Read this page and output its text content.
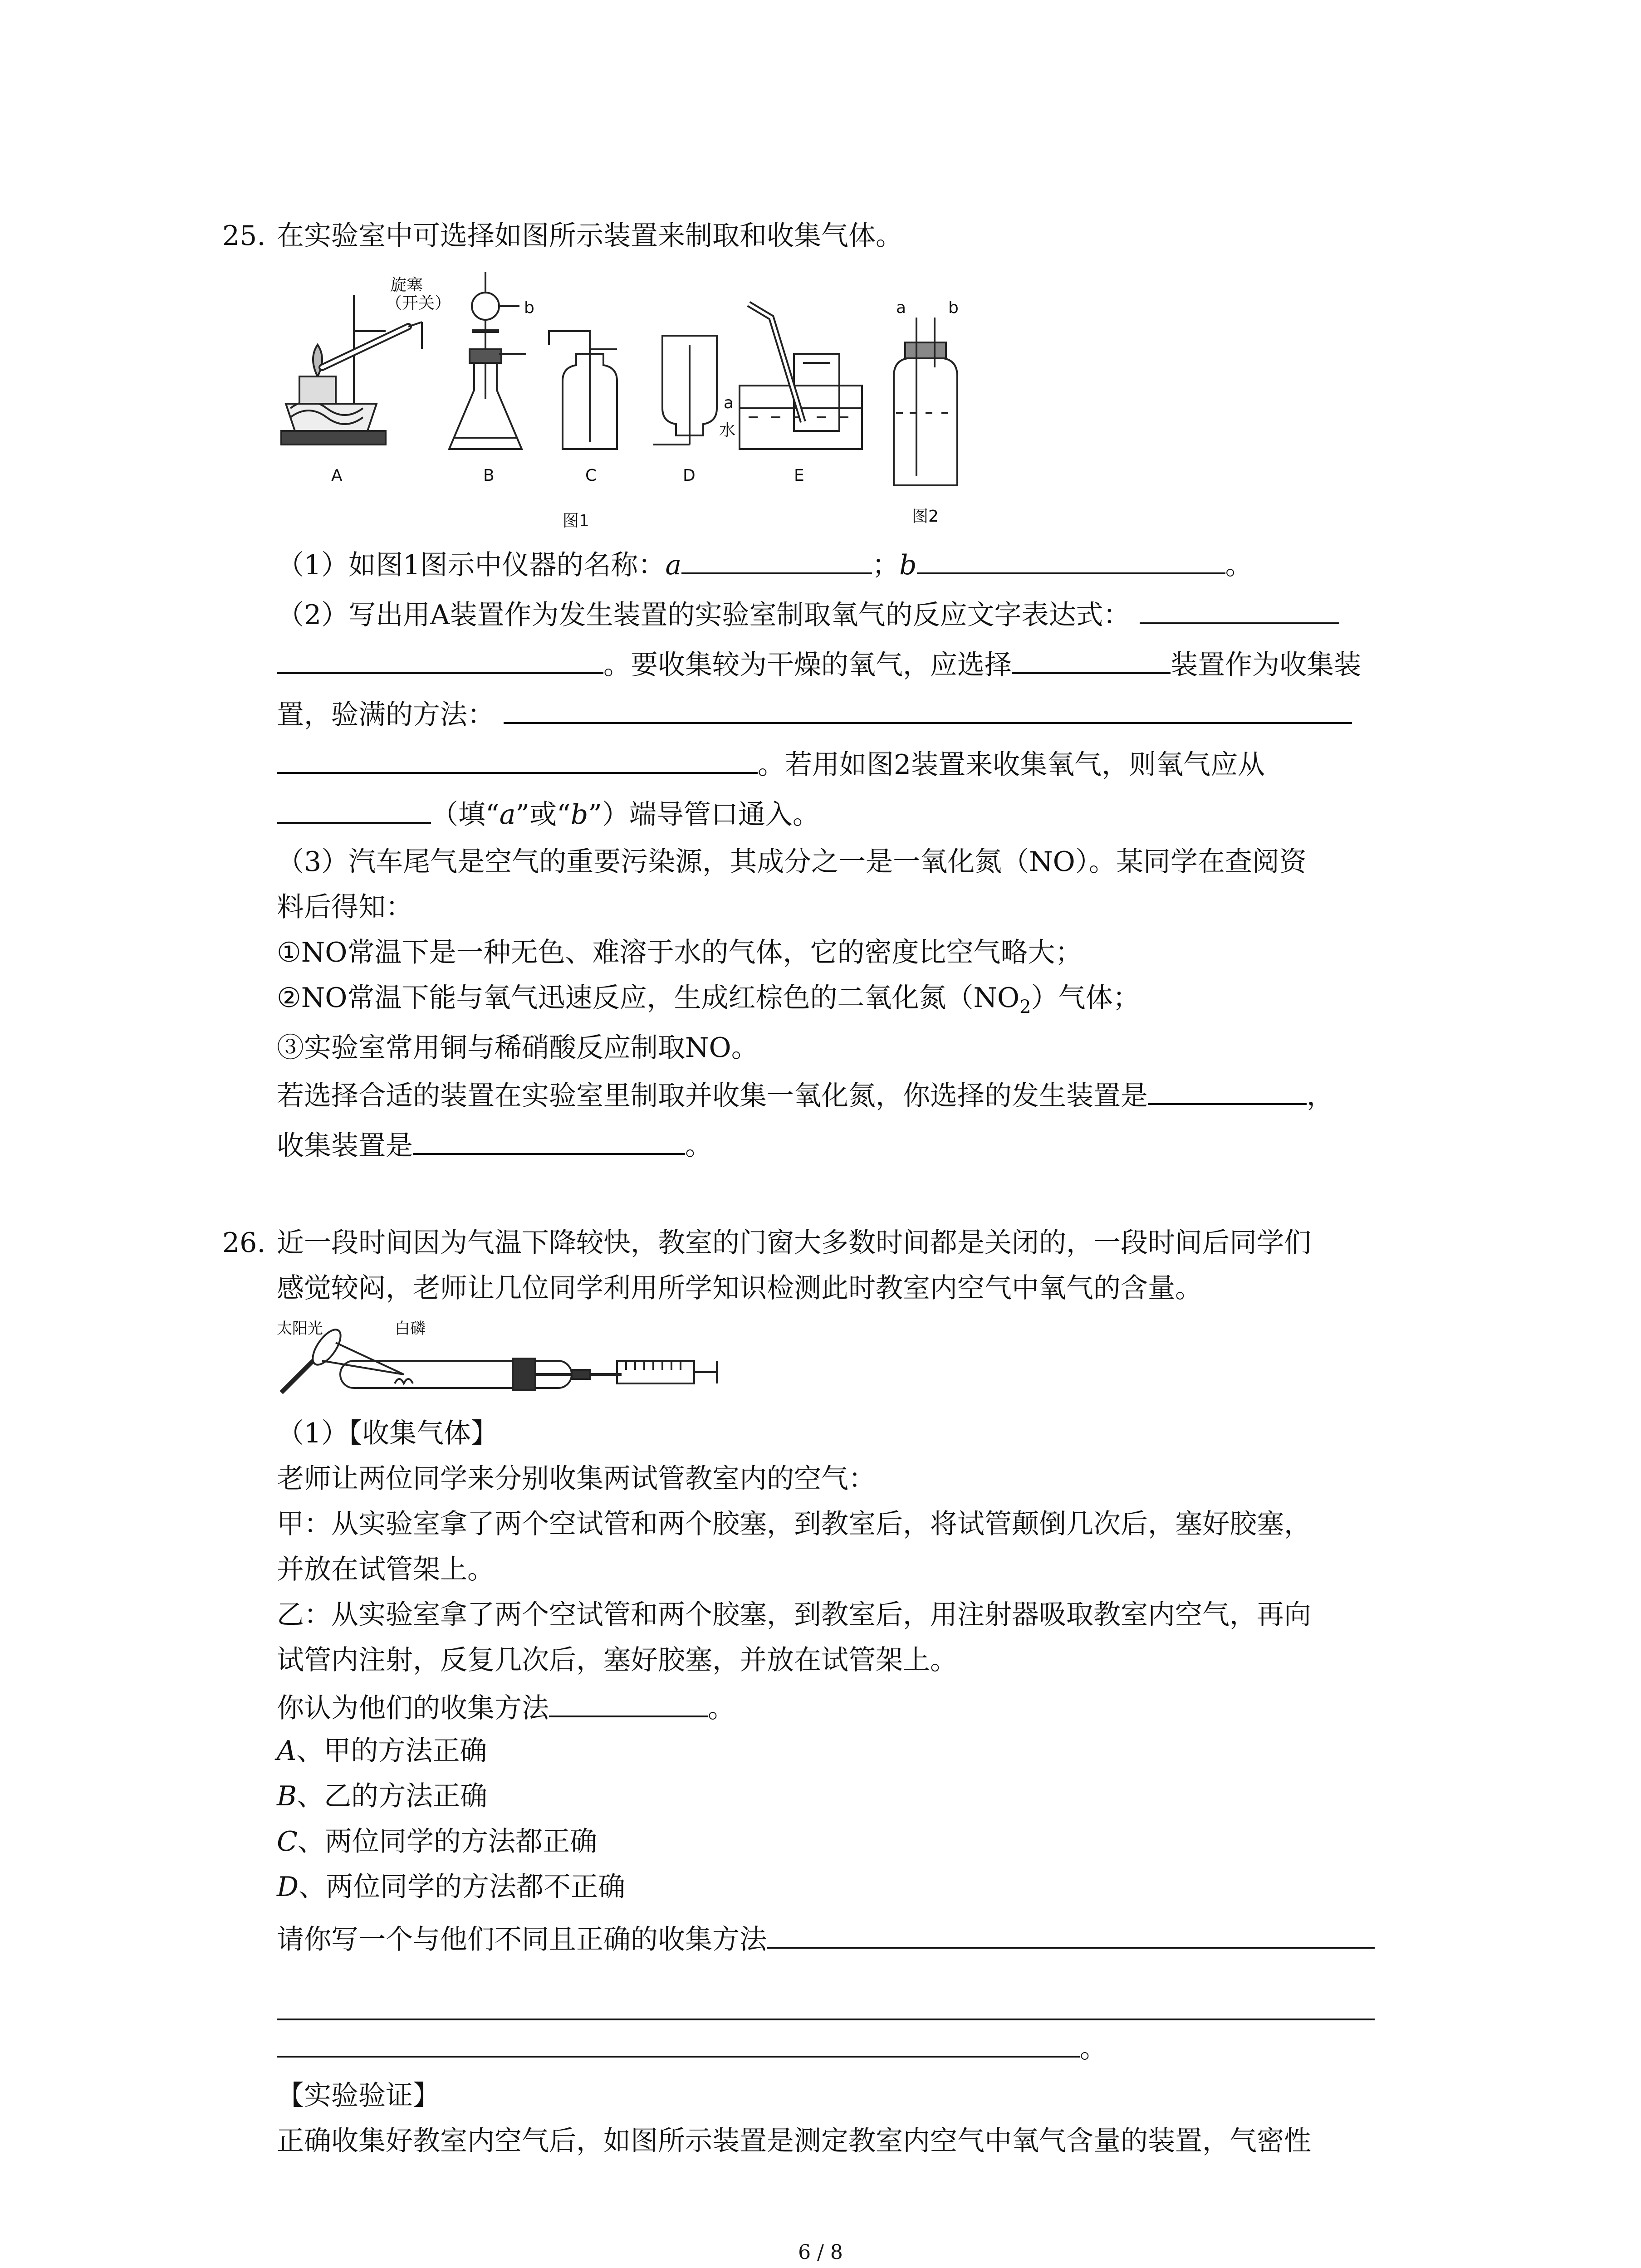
25. 在实验室中可选择如图所示装置来制取和收集气体。
旋塞
（开关）	b
a
水
a	b
A	B	C	D	E
图1	图2
（1）如图1图示中仪器的名称：a	；b	。
（2）写出用A装置作为发生装置的实验室制取氧气的反应文字表达式：
。要收集较为干燥的氧气，应选择	装置作为收集装
置，验满的方法：
。若用如图2装置来收集氧气，则氧气应从
（填“a”或“b”）端导管口通入。
（3）汽车尾气是空气的重要污染源，其成分之一是一氧化氮（NO）。某同学在查阅资
料后得知：
①NO常温下是一种无色、难溶于水的气体，它的密度比空气略大；
②NO常温下能与氧气迅速反应，生成红棕色的二氧化氮$(NO_2)$气体；
③实验室常用铜与稀硝酸反应制取NO。
若选择合适的装置在实验室里制取并收集一氧化氮，你选择的发生装置是	，
收集装置是	。
26. 近一段时间因为气温下降较快，教室的门窗大多数时间都是关闭的，一段时间后同学们
感觉较闷，老师让几位同学利用所学知识检测此时教室内空气中氧气的含量。
太阳光	白磷
（1）【收集气体】
老师让两位同学来分别收集两试管教室内的空气：
甲：从实验室拿了两个空试管和两个胶塞，到教室后，将试管颠倒几次后，塞好胶塞，
并放在试管架上。
乙：从实验室拿了两个空试管和两个胶塞，到教室后，用注射器吸取教室内空气，再向
试管内注射，反复几次后，塞好胶塞，并放在试管架上。
你认为他们的收集方法	。
A、甲的方法正确
B、乙的方法正确
C、两位同学的方法都正确
D、两位同学的方法都不正确
请你写一个与他们不同且正确的收集方法
。
【实验验证】
正确收集好教室内空气后，如图所示装置是测定教室内空气中氧气含量的装置，气密性
6 / 8
